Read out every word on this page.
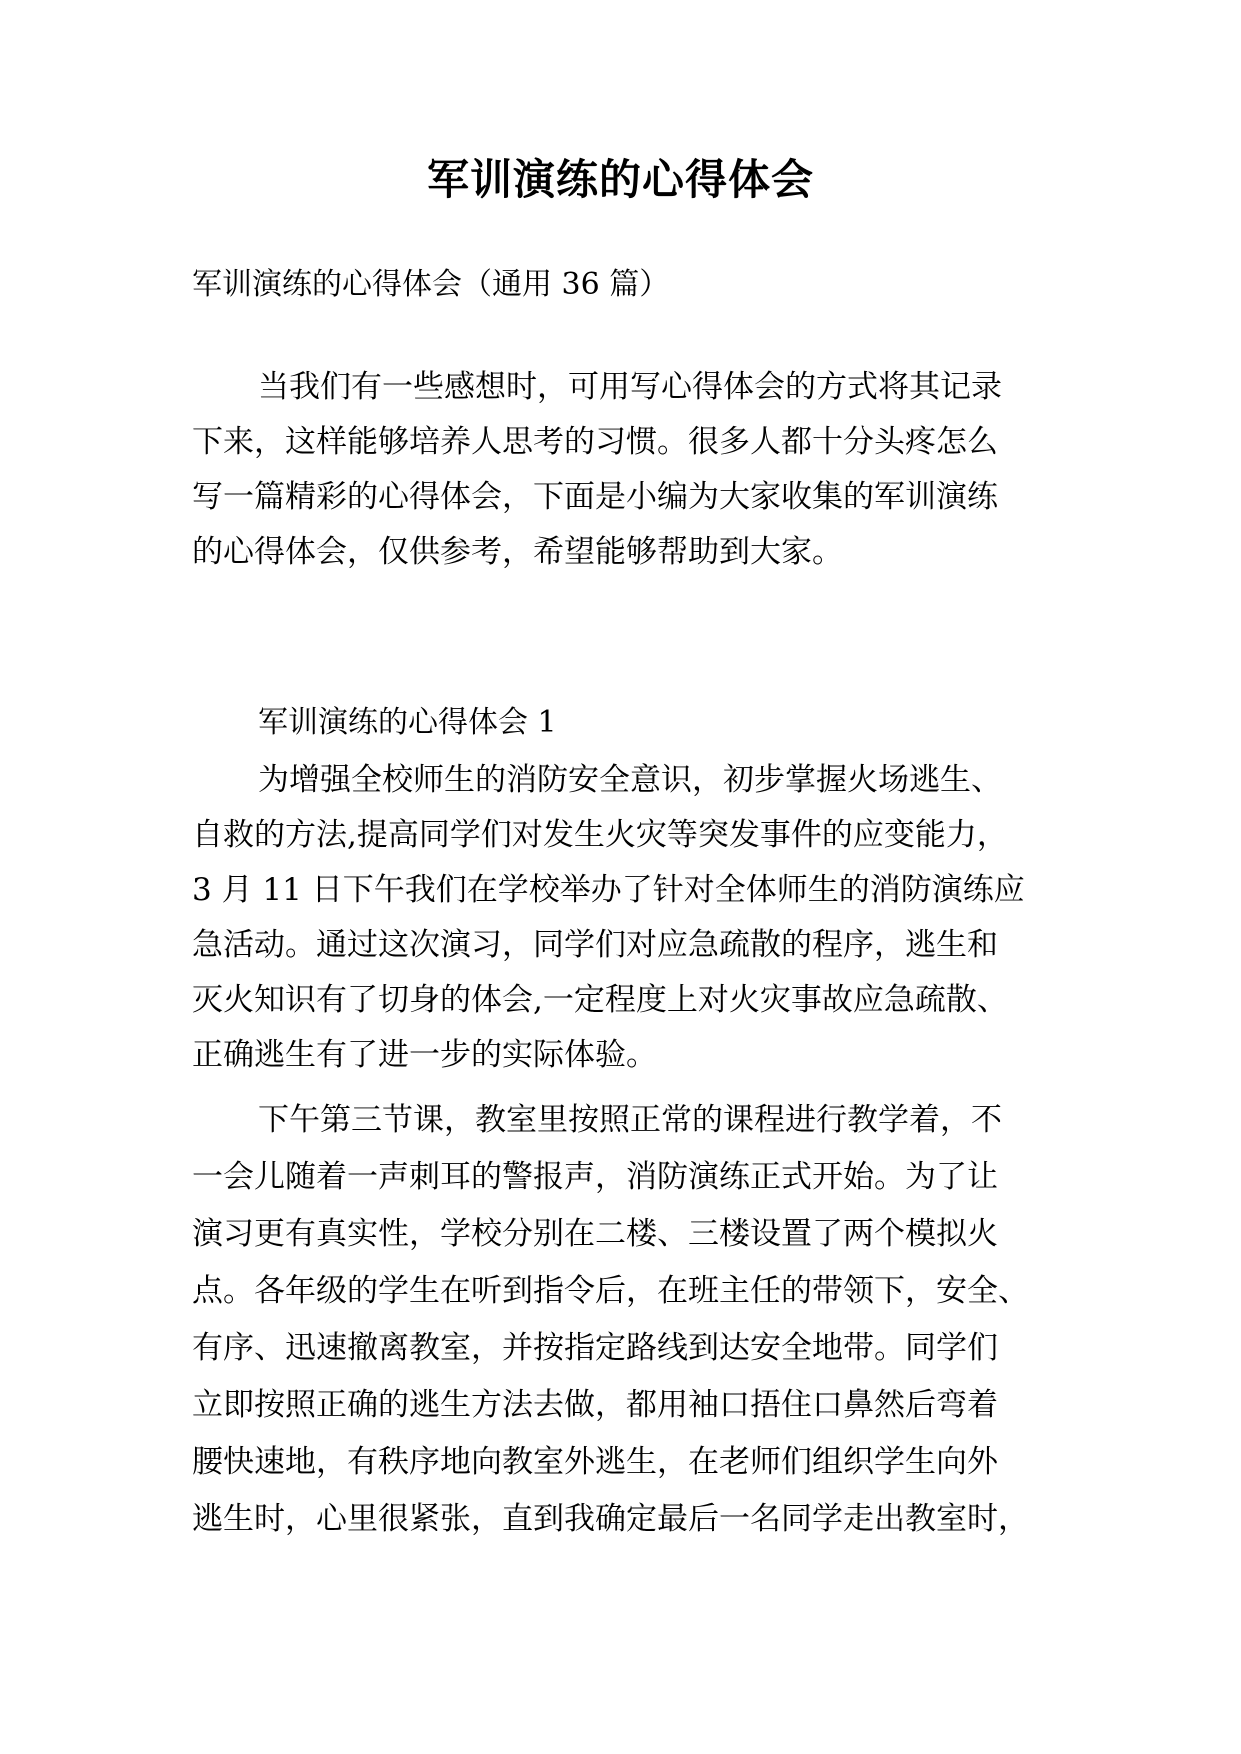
军训演练的心得体会

军训演练的心得体会（通用 36 篇）

当我们有一些感想时，可用写心得体会的方式将其记录

下来，这样能够培养人思考的习惯。很多人都十分头疼怎么

写一篇精彩的心得体会，下面是小编为大家收集的军训演练

的心得体会，仅供参考，希望能够帮助到大家。

军训演练的心得体会 1

为增强全校师生的消防安全意识，初步掌握火场逃生、

自救的方法,提高同学们对发生火灾等突发事件的应变能力，

3 月 11 日下午我们在学校举办了针对全体师生的消防演练应

急活动。通过这次演习，同学们对应急疏散的程序，逃生和

灭火知识有了切身的体会,一定程度上对火灾事故应急疏散、

正确逃生有了进一步的实际体验。

下午第三节课，教室里按照正常的课程进行教学着，不

一会儿随着一声刺耳的警报声，消防演练正式开始。为了让

演习更有真实性，学校分别在二楼、三楼设置了两个模拟火

点。各年级的学生在听到指令后，在班主任的带领下，安全、

有序、迅速撤离教室，并按指定路线到达安全地带。同学们

立即按照正确的逃生方法去做，都用袖口捂住口鼻然后弯着

腰快速地，有秩序地向教室外逃生，在老师们组织学生向外

逃生时，心里很紧张，直到我确定最后一名同学走出教室时，
